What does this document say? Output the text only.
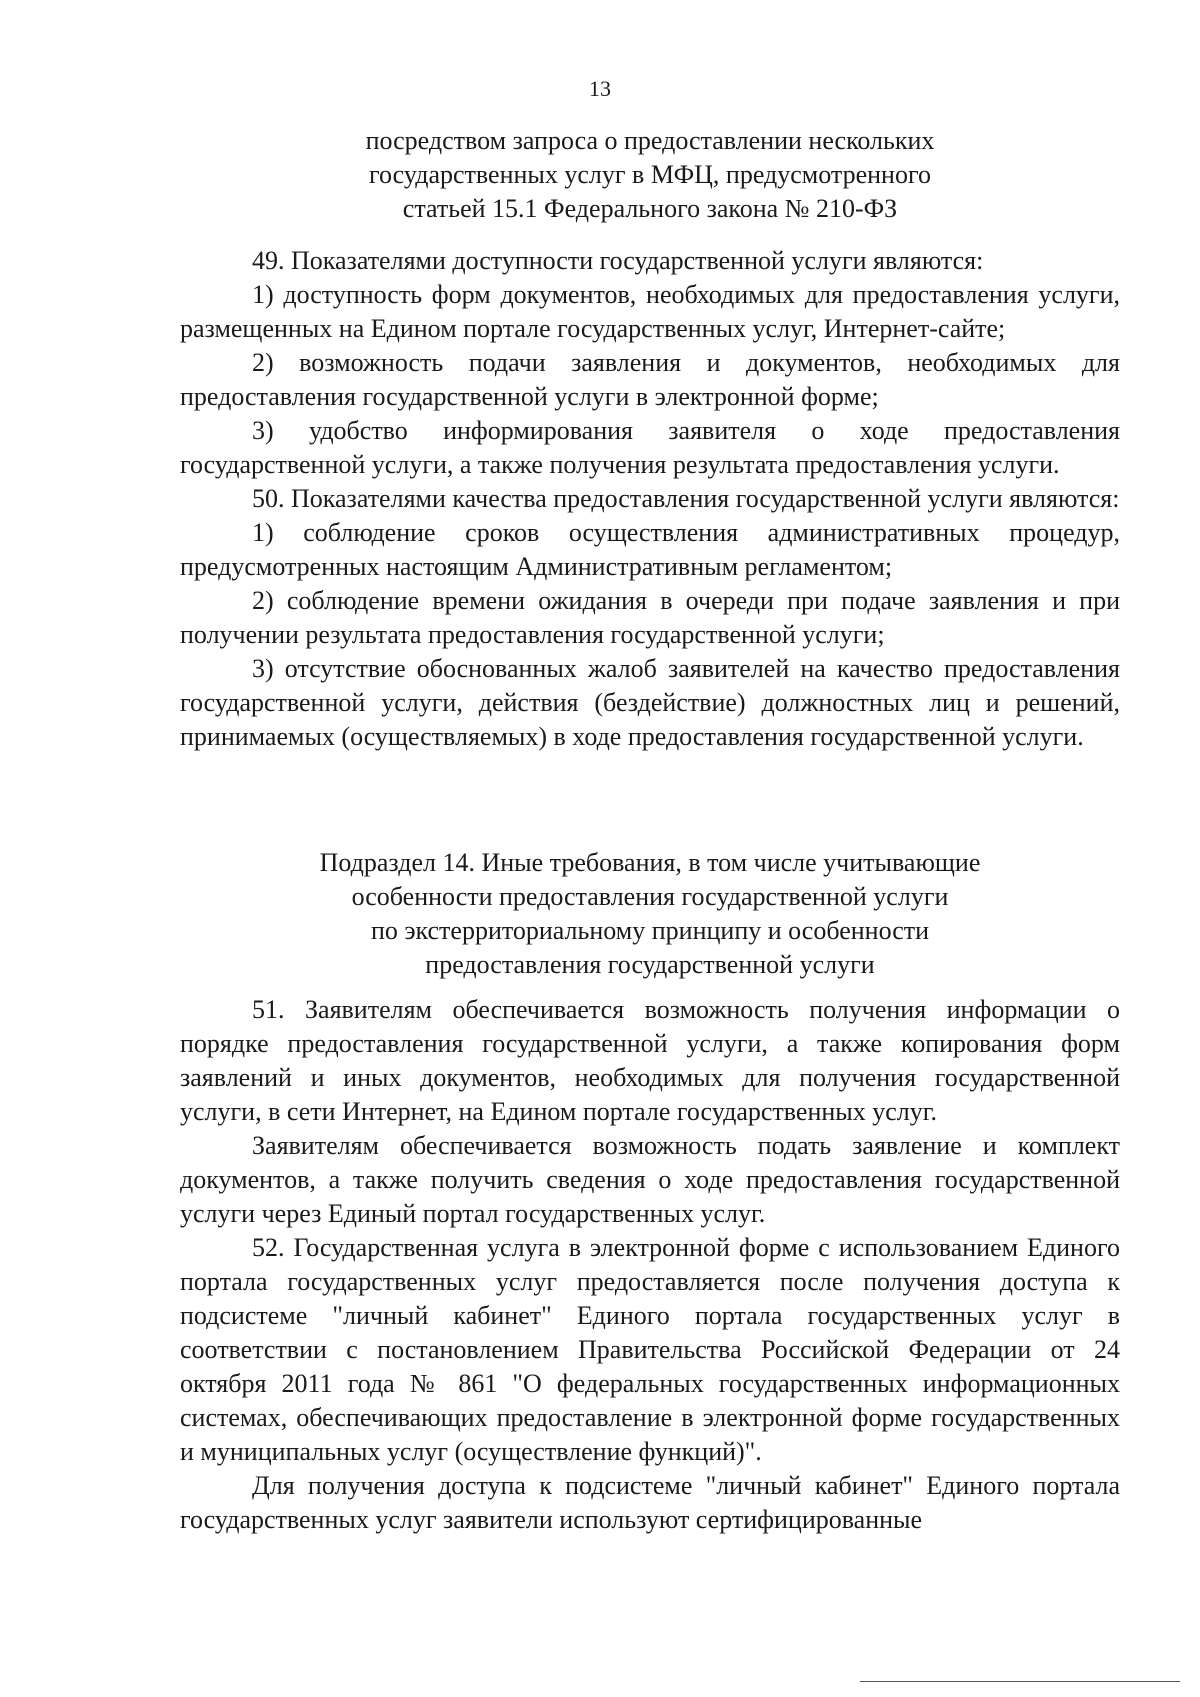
13
посредством запроса о предоставлении нескольких
государственных услуг в МФЦ, предусмотренного
статьей 15.1 Федерального закона № 210-ФЗ

49. Показателями доступности государственной услуги являются:

1) доступность форм документов, необходимых для предоставления услуги, размещенных на Едином портале государственных услуг, Интернет-сайте;

2) возможность подачи заявления и документов, необходимых для предоставления государственной услуги в электронной форме;

3) удобство информирования заявителя о ходе предоставления государственной услуги, а также получения результата предоставления услуги.

50. Показателями качества предоставления государственной услуги являются:

1) соблюдение сроков осуществления административных процедур, предусмотренных настоящим Административным регламентом;

2) соблюдение времени ожидания в очереди при подаче заявления и при получении результата предоставления государственной услуги;

3) отсутствие обоснованных жалоб заявителей на качество предоставления государственной услуги, действия (бездействие) должностных лиц и решений, принимаемых (осуществляемых) в ходе предоставления государственной услуги.

Подраздел 14. Иные требования, в том числе учитывающие
особенности предоставления государственной услуги
по экстерриториальному принципу и особенности
предоставления государственной услуги

51. Заявителям обеспечивается возможность получения информации о порядке предоставления государственной услуги, а также копирования форм заявлений и иных документов, необходимых для получения государственной услуги, в сети Интернет, на Едином портале государственных услуг.

Заявителям обеспечивается возможность подать заявление и комплект документов, а также получить сведения о ходе предоставления государственной услуги через Единый портал государственных услуг.

52. Государственная услуга в электронной форме с использованием Единого портала государственных услуг предоставляется после получения доступа к подсистеме "личный кабинет" Единого портала государственных услуг в соответствии с постановлением Правительства Российской Федерации от 24 октября 2011 года № 861 "О федеральных государственных информационных системах, обеспечивающих предоставление в электронной форме государственных и муниципальных услуг (осуществление функций)".

Для получения доступа к подсистеме "личный кабинет" Единого портала государственных услуг заявители используют сертифицированные
